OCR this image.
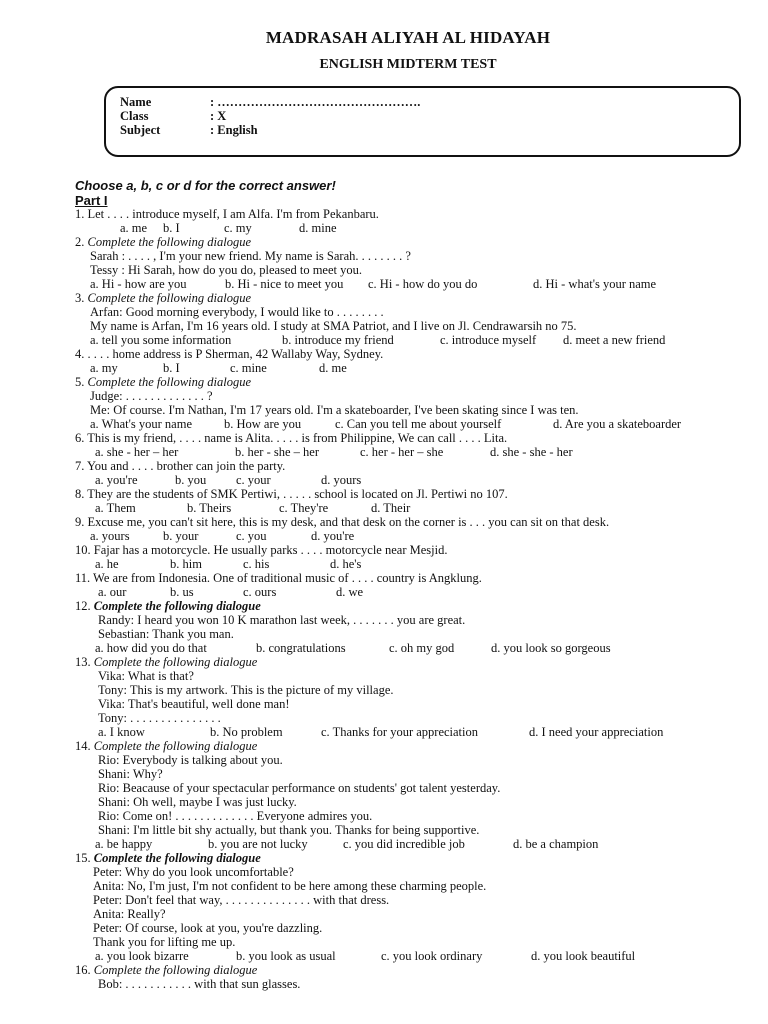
MADRASAH ALIYAH AL HIDAYAH
ENGLISH MIDTERM TEST
Name	: ………………………………………….
Class	: X
Subject	: English
Choose a, b, c or d for the correct answer!
Part I
1. Let . . . . introduce myself, I am Alfa. I'm from Pekanbaru.
a. me b. I	c. my	d. mine
2. Complete the following dialogue
Sarah : . . . . , I'm your new friend. My name is Sarah. . . . . . . . ?
Tessy : Hi Sarah, how do you do, pleased to meet you.
a. Hi - how are you	b. Hi - nice to meet you c. Hi - how do you do	d. Hi - what's your name
3. Complete the following dialogue
Arfan: Good morning everybody, I would like to . . . . . . . .
My name is Arfan, I'm 16 years old. I study at SMA Patriot, and I live on Jl. Cendrawarsih no 75.
a. tell you some information	b. introduce my friend	c. introduce myself d. meet a new friend
4. . . . . home address is P Sherman, 42 Wallaby Way, Sydney.
a. my	b. I	c. mine	d. me
5. Complete the following dialogue
Judge: . . . . . . . . . . . . . ?
Me: Of course. I'm Nathan, I'm 17 years old. I'm a skateboarder, I've been skating since I was ten.
a. What's your name	b. How are you	c. Can you tell me about yourself	d. Are you a skateboarder
6. This is my friend, . . . . name is Alita. . . . . is from Philippine, We can call . . . . Lita.
a. she - her – her	b. her - she – her	c. her - her – she	d. she - she - her
7. You and . . . . brother can join the party.
a. you're	b. you c. your	d. yours
8. They are the students of SMK Pertiwi, . . . . . school is located on Jl. Pertiwi no 107.
a. Them	b. Theirs	c. They're	d. Their
9. Excuse me, you can't sit here, this is my desk, and that desk on the corner is . . . you can sit on that desk.
a. yours	b. your	c. you	d. you're
10. Fajar has a motorcycle. He usually parks . . . . motorcycle near Mesjid.
a. he	b. him	c. his	d. he's
11. We are from Indonesia. One of traditional music of . . . . country is Angklung.
a. our	b. us	c. ours	d. we
12. Complete the following dialogue
Randy: I heard you won 10 K marathon last week, . . . . . . . you are great.
Sebastian: Thank you man.
a. how did you do that	b. congratulations	c. oh my god	d. you look so gorgeous
13. Complete the following dialogue
Vika: What is that?
Tony: This is my artwork. This is the picture of my village.
Vika: That's beautiful, well done man!
Tony: . . . . . . . . . . . . . . .
a. I know	b. No problem	c. Thanks for your appreciation	d. I need your appreciation
14. Complete the following dialogue
Rio: Everybody is talking about you.
Shani: Why?
Rio: Beacause of your spectacular performance on students' got talent yesterday.
Shani: Oh well, maybe I was just lucky.
Rio: Come on! . . . . . . . . . . . . . Everyone admires you.
Shani: I'm little bit shy actually, but thank you. Thanks for being supportive.
a. be happy	b. you are not lucky	c. you did incredible job	d. be a champion
15. Complete the following dialogue
Peter: Why do you look uncomfortable?
Anita: No, I'm just, I'm not confident to be here among these charming people.
Peter: Don't feel that way, . . . . . . . . . . . . . . with that dress.
Anita: Really?
Peter: Of course, look at you, you're dazzling.
Thank you for lifting me up.
a. you look bizarre	b. you look as usual	c. you look ordinary	d. you look beautiful
16. Complete the following dialogue
Bob: . . . . . . . . . . . with that sun glasses.
